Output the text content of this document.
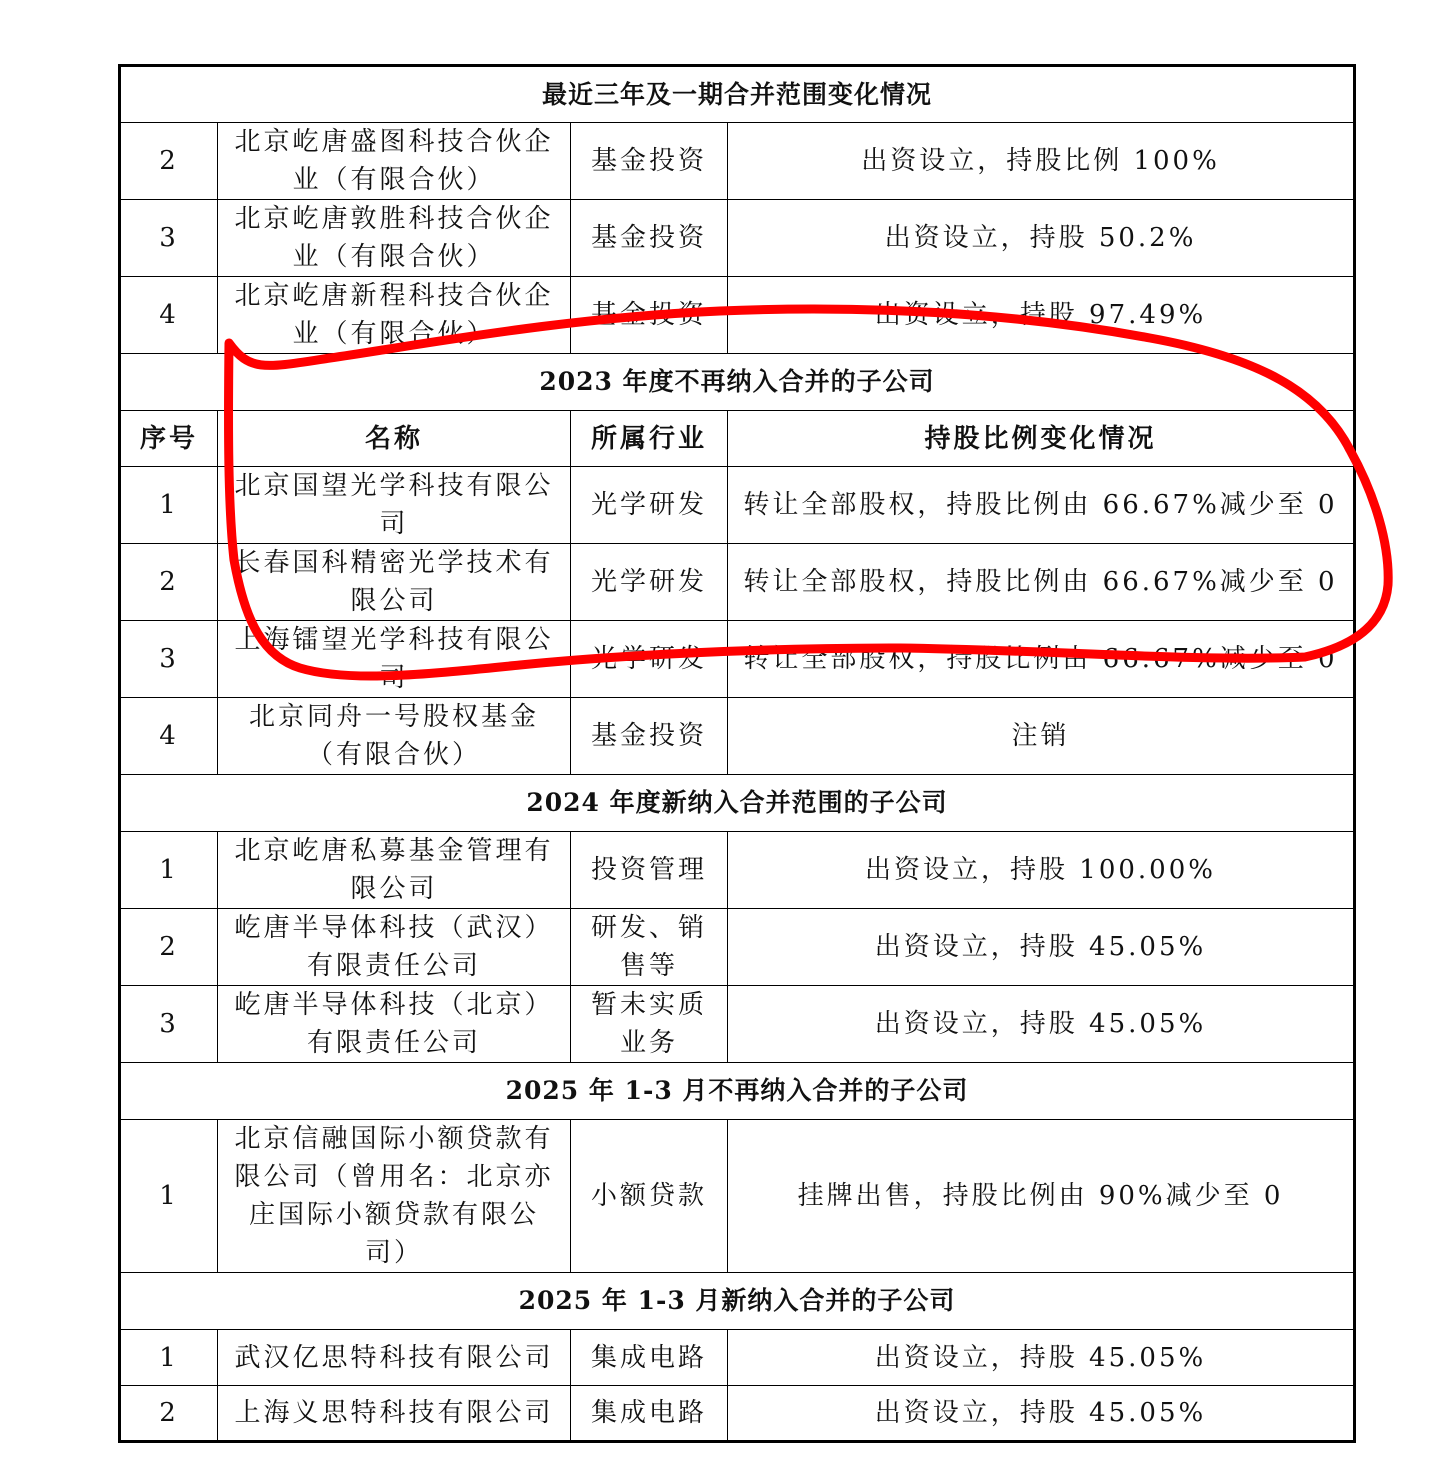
最近三年及一期合并范围变化情况			
2	北京屹唐盛图科技合伙企业（有限合伙）	基金投资	出资设立，持股比例 100%
3	北京屹唐敦胜科技合伙企业（有限合伙）	基金投资	出资设立，持股 50.2%
4	北京屹唐新程科技合伙企业（有限合伙）	基金投资	出资设立，持股 97.49%
2023 年度不再纳入合并的子公司			
序号	名称	所属行业	持股比例变化情况
1	北京国望光学科技有限公司	光学研发	转让全部股权，持股比例由 66.67%减少至 0
2	长春国科精密光学技术有限公司	光学研发	转让全部股权，持股比例由 66.67%减少至 0
3	上海镭望光学科技有限公司	光学研发	转让全部股权，持股比例由 66.67%减少至 0
4	北京同舟一号股权基金（有限合伙）	基金投资	注销
2024 年度新纳入合并范围的子公司			
1	北京屹唐私募基金管理有限公司	投资管理	出资设立，持股 100.00%
2	屹唐半导体科技（武汉）有限责任公司	研发、销售等	出资设立，持股 45.05%
3	屹唐半导体科技（北京）有限责任公司	暂未实质业务	出资设立，持股 45.05%
2025 年 1-3 月不再纳入合并的子公司			
1	北京信融国际小额贷款有限公司（曾用名：北京亦庄国际小额贷款有限公司）	小额贷款	挂牌出售，持股比例由 90%减少至 0
2025 年 1-3 月新纳入合并的子公司			
1	武汉亿思特科技有限公司	集成电路	出资设立，持股 45.05%
2	上海义思特科技有限公司	集成电路	出资设立，持股 45.05%
